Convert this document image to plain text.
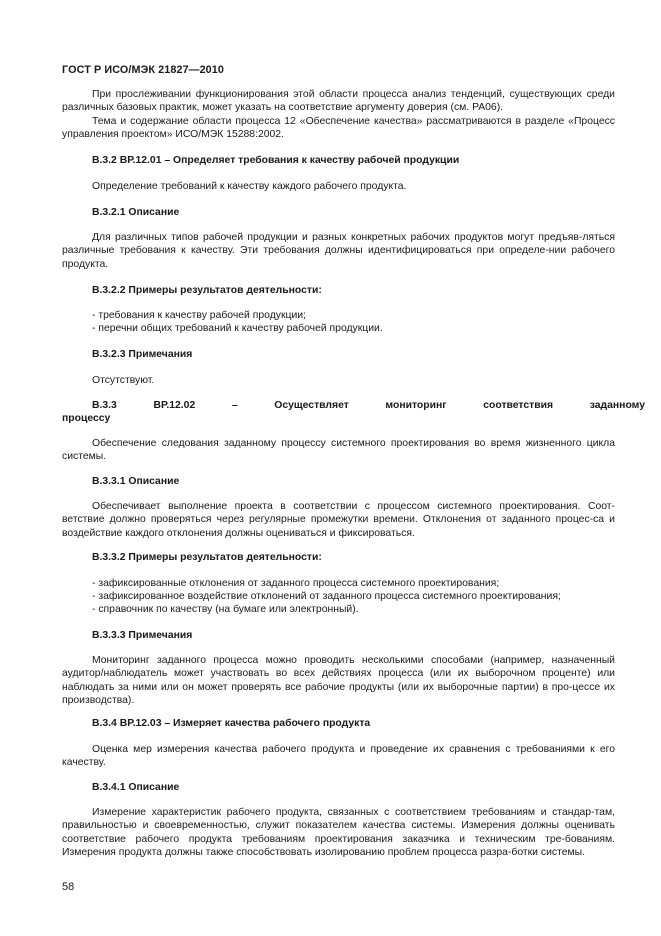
ГОСТ Р ИСО/МЭК 21827—2010
При прослеживании функционирования этой области процесса анализ тенденций, существующих среди различных базовых практик, может указать на соответствие аргументу доверия (см. PA06).
Тема и содержание области процесса 12 «Обеспечение качества» рассматриваются в разделе «Процесс управления проектом» ИСО/МЭК 15288:2002.
В.3.2 ВР.12.01 – Определяет требования к качеству рабочей продукции
Определение требований к качеству каждого рабочего продукта.
В.3.2.1 Описание
Для различных типов рабочей продукции и разных конкретных рабочих продуктов могут предъяв-ляться различные требования к качеству. Эти требования должны идентифицироваться при определе-нии рабочего продукта.
В.3.2.2 Примеры результатов деятельности:
- требования к качеству рабочей продукции;
- перечни общих требований к качеству рабочей продукции.
В.3.2.3 Примечания
Отсутствуют.
В.3.3 ВР.12.02 – Осуществляет мониторинг соответствия заданному
процессу
Обеспечение следования заданному процессу системного проектирования во время жизненного цикла системы.
В.3.3.1 Описание
Обеспечивает выполнение проекта в соответствии с процессом системного проектирования. Соот-ветствие должно проверяться через регулярные промежутки времени. Отклонения от заданного процес-са и воздействие каждого отклонения должны оцениваться и фиксироваться.
В.3.3.2 Примеры результатов деятельности:
- зафиксированные отклонения от заданного процесса системного проектирования;
- зафиксированное воздействие отклонений от заданного процесса системного проектирования;
- справочник по качеству (на бумаге или электронный).
В.3.3.3 Примечания
Мониторинг заданного процесса можно проводить несколькими способами (например, назначенный аудитор/наблюдатель может участвовать во всех действиях процесса (или их выборочном проценте) или наблюдать за ними или он может проверять все рабочие продукты (или их выборочные партии) в про-цессе их производства).
В.3.4 ВР.12.03 – Измеряет качества рабочего продукта
Оценка мер измерения качества рабочего продукта и проведение их сравнения с требованиями к его качеству.
В.3.4.1 Описание
Измерение характеристик рабочего продукта, связанных с соответствием требованиям и стандар-там, правильностью и своевременностью, служит показателем качества системы. Измерения должны оценивать соответствие рабочего продукта требованиям проектирования заказчика и техническим тре-бованиям. Измерения продукта должны также способствовать изолированию проблем процесса разра-ботки системы.
58
